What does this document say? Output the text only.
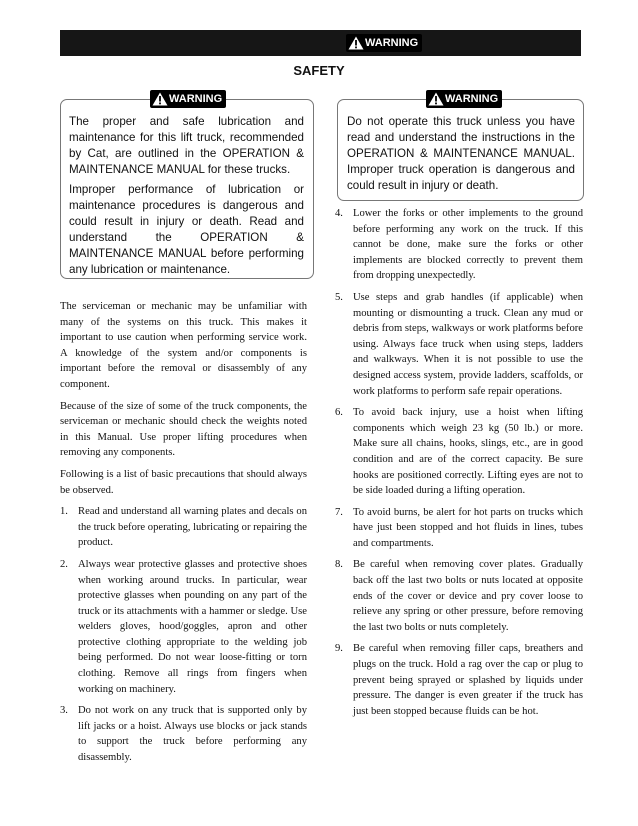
WARNING
SAFETY
WARNING

The proper and safe lubrication and maintenance for this lift truck, recommended by Cat, are outlined in the OPERATION & MAINTENANCE MANUAL for these trucks.

Improper performance of lubrication or maintenance procedures is dangerous and could result in injury or death. Read and understand the OPERATION & MAINTENANCE MANUAL before performing any lubrication or maintenance.

WARNING

Do not operate this truck unless you have read and understand the instructions in the OPERATION & MAINTENANCE MANUAL. Improper truck operation is dangerous and could result in injury or death.

The serviceman or mechanic may be unfamiliar with many of the systems on this truck. This makes it important to use caution when performing service work. A knowledge of the system and/or components is important before the removal or disassembly of any component.

Because of the size of some of the truck components, the serviceman or mechanic should check the weights noted in this Manual. Use proper lifting procedures when removing any components.

Following is a list of basic precautions that should always be observed.

1. Read and understand all warning plates and decals on the truck before operating, lubricating or repairing the product.
2. Always wear protective glasses and protective shoes when working around trucks. In particular, wear protective glasses when pounding on any part of the truck or its attachments with a hammer or sledge. Use welders gloves, hood/goggles, apron and other protective clothing appropriate to the welding job being performed. Do not wear loose-fitting or torn clothing. Remove all rings from fingers when working on machinery.
3. Do not work on any truck that is supported only by lift jacks or a hoist. Always use blocks or jack stands to support the truck before performing any disassembly.
4. Lower the forks or other implements to the ground before performing any work on the truck. If this cannot be done, make sure the forks or other implements are blocked correctly to prevent them from dropping unexpectedly.
5. Use steps and grab handles (if applicable) when mounting or dismounting a truck. Clean any mud or debris from steps, walkways or work platforms before using. Always face truck when using steps, ladders and walkways. When it is not possible to use the designed access system, provide ladders, scaffolds, or work platforms to perform safe repair operations.
6. To avoid back injury, use a hoist when lifting components which weigh 23 kg (50 lb.) or more. Make sure all chains, hooks, slings, etc., are in good condition and are of the correct capacity. Be sure hooks are positioned correctly. Lifting eyes are not to be side loaded during a lifting operation.
7. To avoid burns, be alert for hot parts on trucks which have just been stopped and hot fluids in lines, tubes and compartments.
8. Be careful when removing cover plates. Gradually back off the last two bolts or nuts located at opposite ends of the cover or device and pry cover loose to relieve any spring or other pressure, before removing the last two bolts or nuts completely.
9. Be careful when removing filler caps, breathers and plugs on the truck. Hold a rag over the cap or plug to prevent being sprayed or splashed by liquids under pressure. The danger is even greater if the truck has just been stopped because fluids can be hot.
